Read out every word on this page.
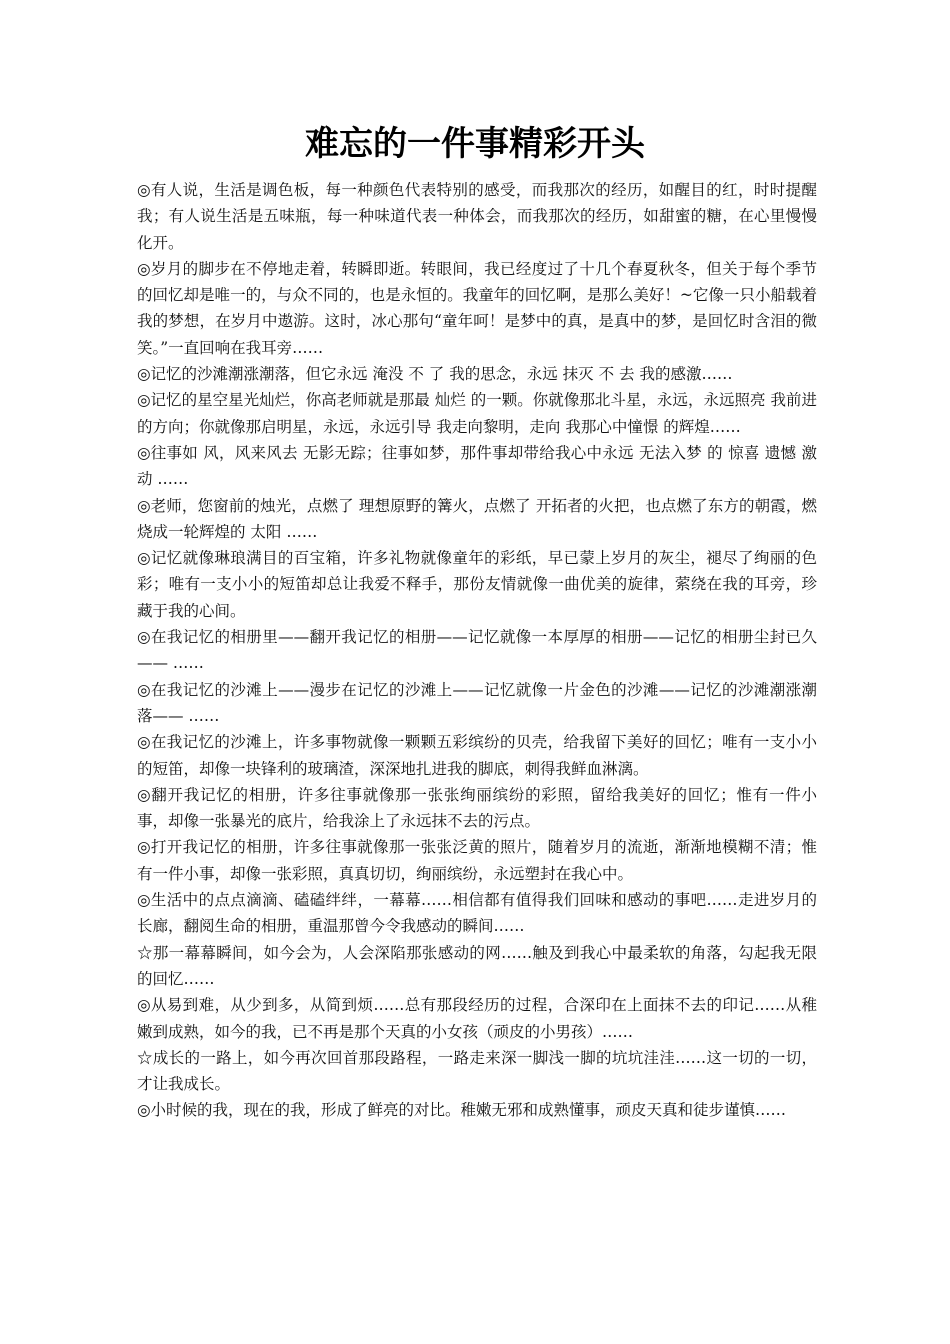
难忘的一件事精彩开头

◎有人说，生活是调色板，每一种颜色代表特别的感受，而我那次的经历，如醒目的红，时时提醒我；有人说生活是五味瓶，每一种味道代表一种体会，而我那次的经历，如甜蜜的糖，在心里慢慢化开。

◎岁月的脚步在不停地走着，转瞬即逝。转眼间，我已经度过了十几个春夏秋冬，但关于每个季节的回忆却是唯一的，与众不同的，也是永恒的。我童年的回忆啊，是那么美好！~它像一只小船载着我的梦想，在岁月中遨游。这时，冰心那句“童年呵！是梦中的真，是真中的梦，是回忆时含泪的微笑。”一直回响在我耳旁……

◎记忆的沙滩潮涨潮落，但它永远 淹没 不 了 我的思念，永远 抹灭 不 去 我的感激……

◎记忆的星空星光灿烂，你高老师就是那最 灿烂 的一颗。你就像那北斗星，永远，永远照亮 我前进的方向；你就像那启明星，永远，永远引导 我走向黎明，走向 我那心中憧憬 的辉煌……

◎往事如 风，风来风去 无影无踪；往事如梦，那件事却带给我心中永远 无法入梦 的 惊喜 遗憾 激动 ……

◎老师，您窗前的烛光，点燃了 理想原野的篝火，点燃了 开拓者的火把，也点燃了东方的朝霞，燃烧成一轮辉煌的 太阳 ……

◎记忆就像琳琅满目的百宝箱，许多礼物就像童年的彩纸，早已蒙上岁月的灰尘，褪尽了绚丽的色彩；唯有一支小小的短笛却总让我爱不释手，那份友情就像一曲优美的旋律，萦绕在我的耳旁，珍藏于我的心间。

◎在我记忆的相册里——翻开我记忆的相册——记忆就像一本厚厚的相册——记忆的相册尘封已久—— ……

◎在我记忆的沙滩上——漫步在记忆的沙滩上——记忆就像一片金色的沙滩——记忆的沙滩潮涨潮落—— ……

◎在我记忆的沙滩上，许多事物就像一颗颗五彩缤纷的贝壳，给我留下美好的回忆；唯有一支小小的短笛，却像一块锋利的玻璃渣，深深地扎进我的脚底，刺得我鲜血淋漓。

◎翻开我记忆的相册，许多往事就像那一张张绚丽缤纷的彩照，留给我美好的回忆；惟有一件小事，却像一张暴光的底片，给我涂上了永远抹不去的污点。

◎打开我记忆的相册，许多往事就像那一张张泛黄的照片，随着岁月的流逝，渐渐地模糊不清；惟有一件小事，却像一张彩照，真真切切，绚丽缤纷，永远塑封在我心中。

◎生活中的点点滴滴、磕磕绊绊，一幕幕……相信都有值得我们回味和感动的事吧……走进岁月的长廊，翻阅生命的相册，重温那曾今令我感动的瞬间……

☆那一幕幕瞬间，如今会为，人会深陷那张感动的网……触及到我心中最柔软的角落，勾起我无限的回忆……

◎从易到难，从少到多，从简到烦……总有那段经历的过程，合深印在上面抹不去的印记……从稚嫩到成熟，如今的我，已不再是那个天真的小女孩（顽皮的小男孩）……

☆成长的一路上，如今再次回首那段路程，一路走来深一脚浅一脚的坑坑洼洼……这一切的一切，才让我成长。

◎小时候的我，现在的我，形成了鲜亮的对比。稚嫩无邪和成熟懂事，顽皮天真和徒步谨慎……
